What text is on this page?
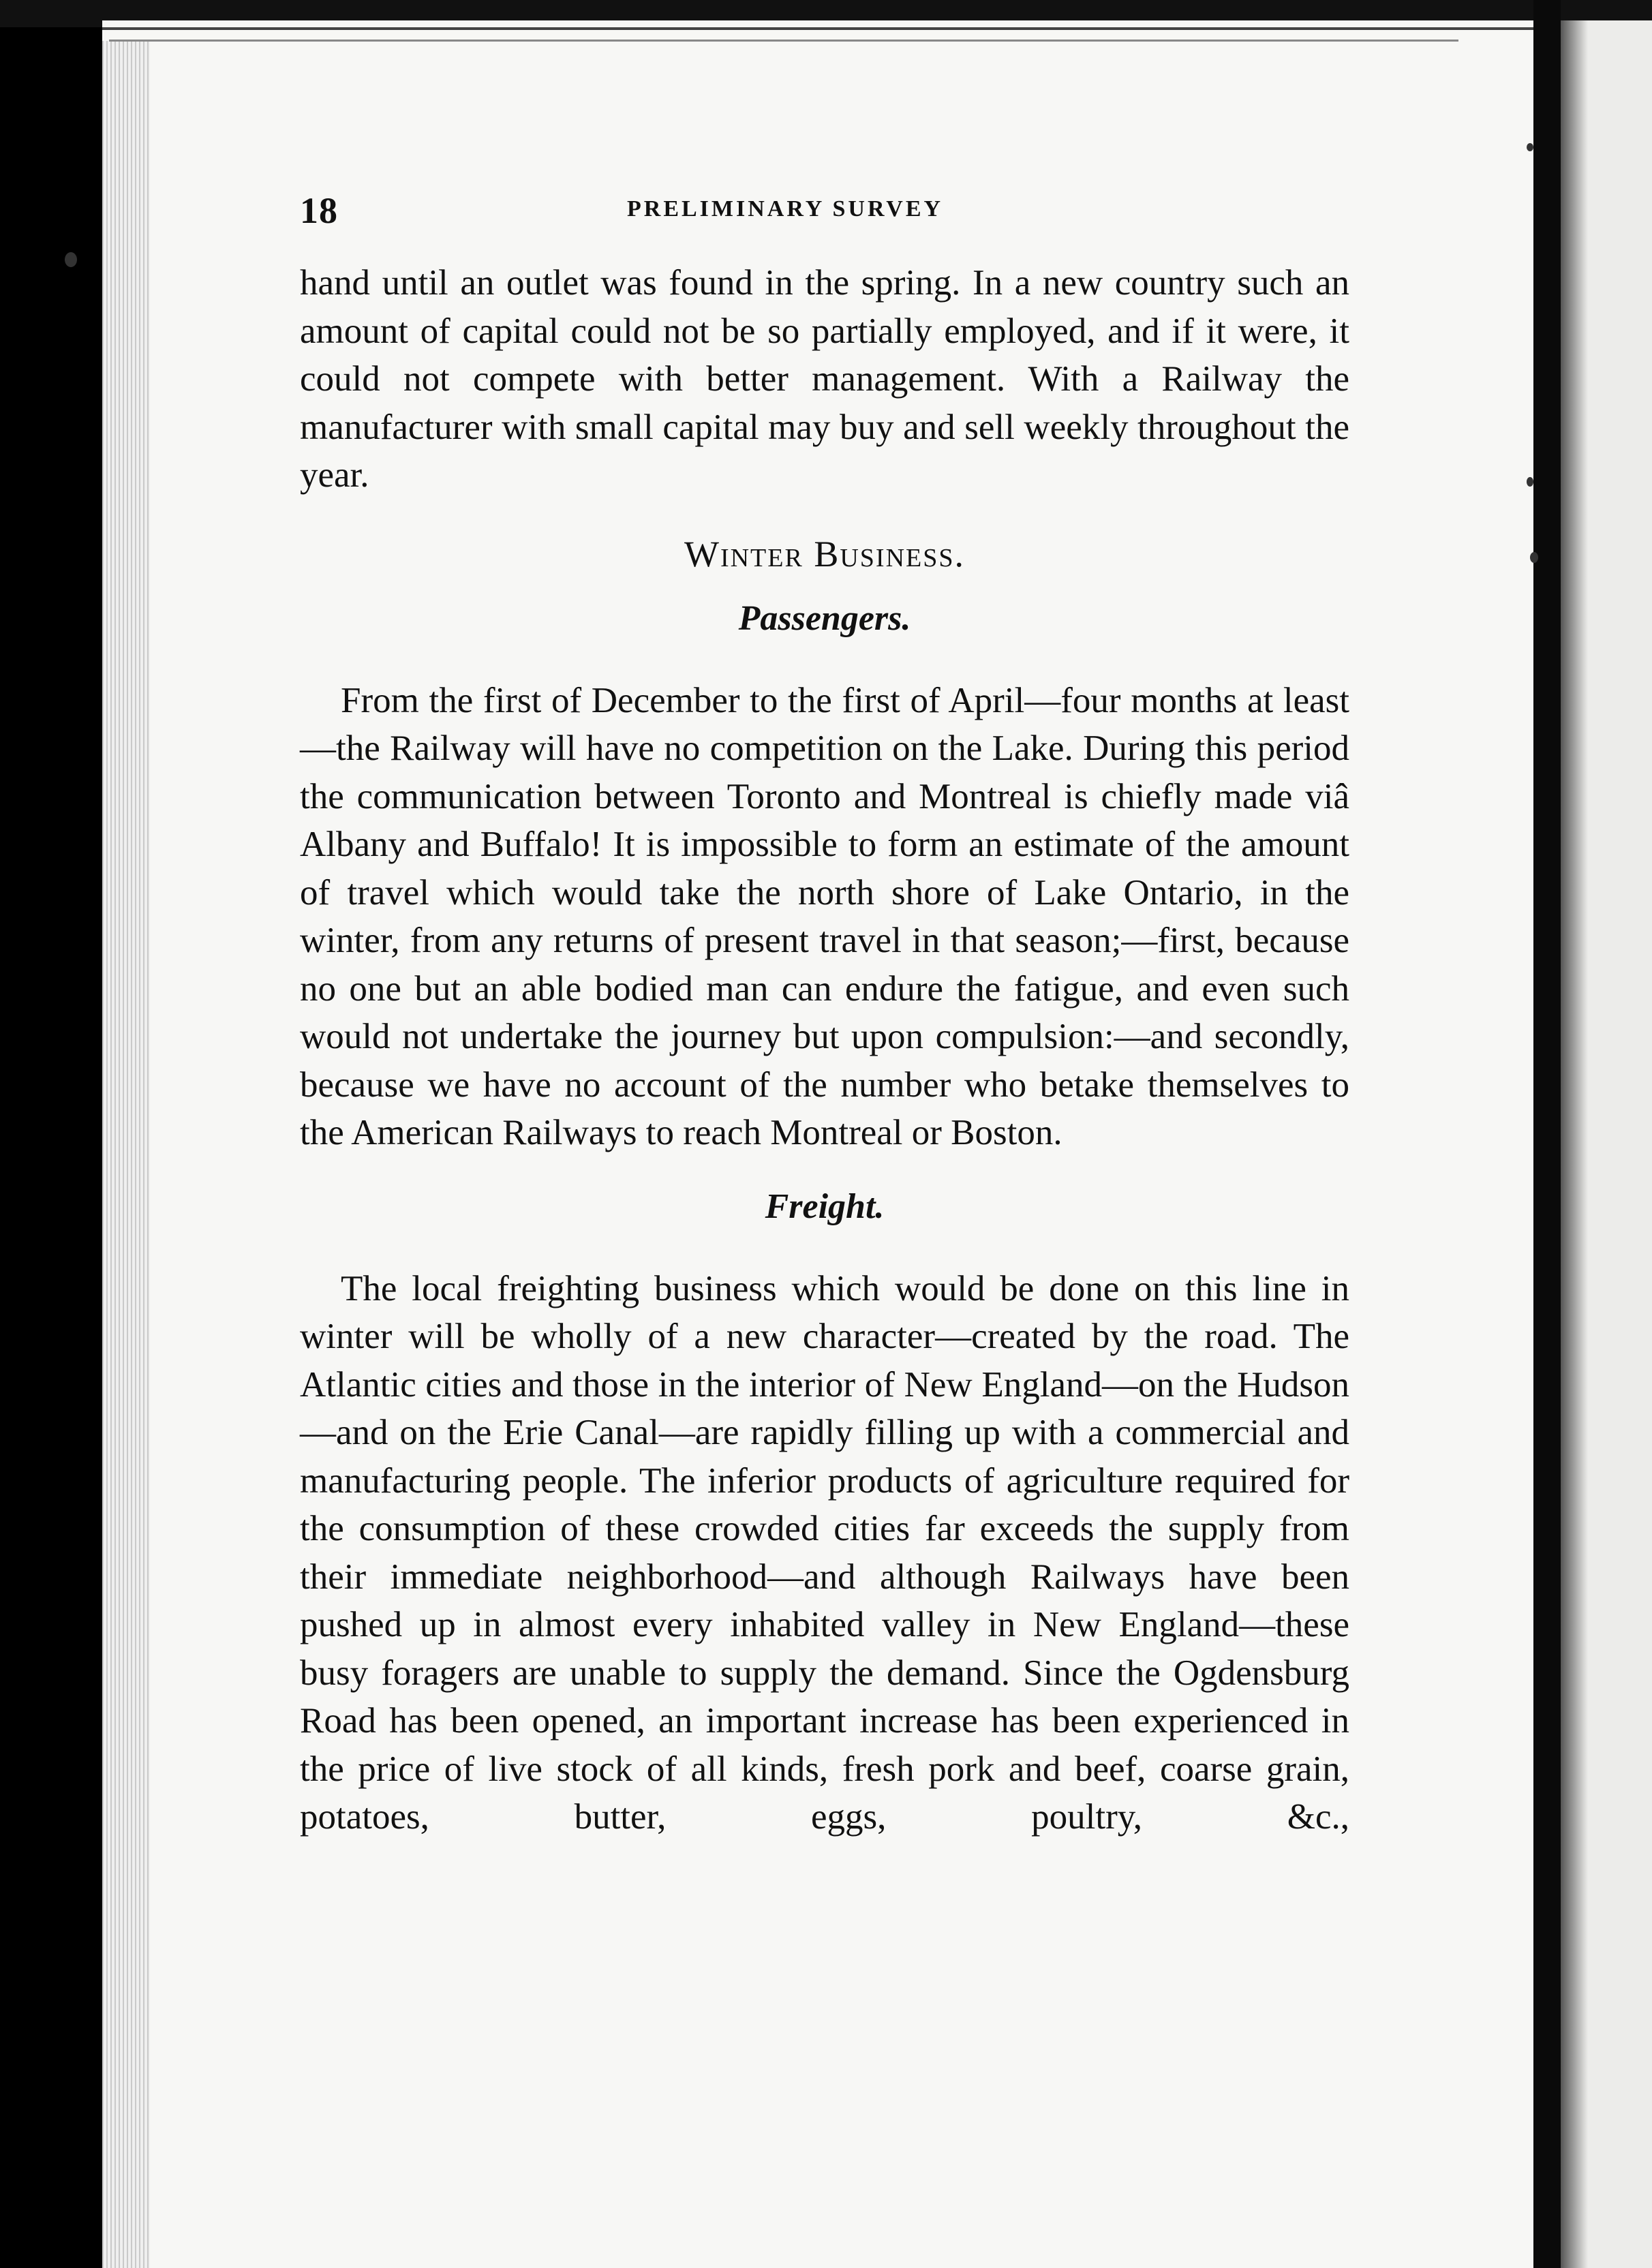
18	PRELIMINARY SURVEY

hand until an outlet was found in the spring. In a new country such an amount of capital could not be so partially employed, and if it were, it could not compete with better management. With a Railway the manufacturer with small capital may buy and sell weekly throughout the year.

Winter Business.
Passengers.

From the first of December to the first of April—four months at least—the Railway will have no competition on the Lake. During this period the communication between Toronto and Montreal is chiefly made viâ Albany and Buffalo! It is impossible to form an estimate of the amount of travel which would take the north shore of Lake Ontario, in the winter, from any returns of present travel in that season;—first, because no one but an able bodied man can endure the fatigue, and even such would not undertake the journey but upon compulsion:—and secondly, because we have no account of the number who betake themselves to the American Railways to reach Montreal or Boston.

Freight.

The local freighting business which would be done on this line in winter will be wholly of a new character—created by the road. The Atlantic cities and those in the interior of New England—on the Hudson—and on the Erie Canal—are rapidly filling up with a commercial and manufacturing people. The inferior products of agriculture required for the consumption of these crowded cities far exceeds the supply from their immediate neighborhood—and although Railways have been pushed up in almost every inhabited valley in New England—these busy foragers are unable to supply the demand. Since the Ogdensburg Road has been opened, an important increase has been experienced in the price of live stock of all kinds, fresh pork and beef, coarse grain, potatoes, butter, eggs, poultry, &c.,
